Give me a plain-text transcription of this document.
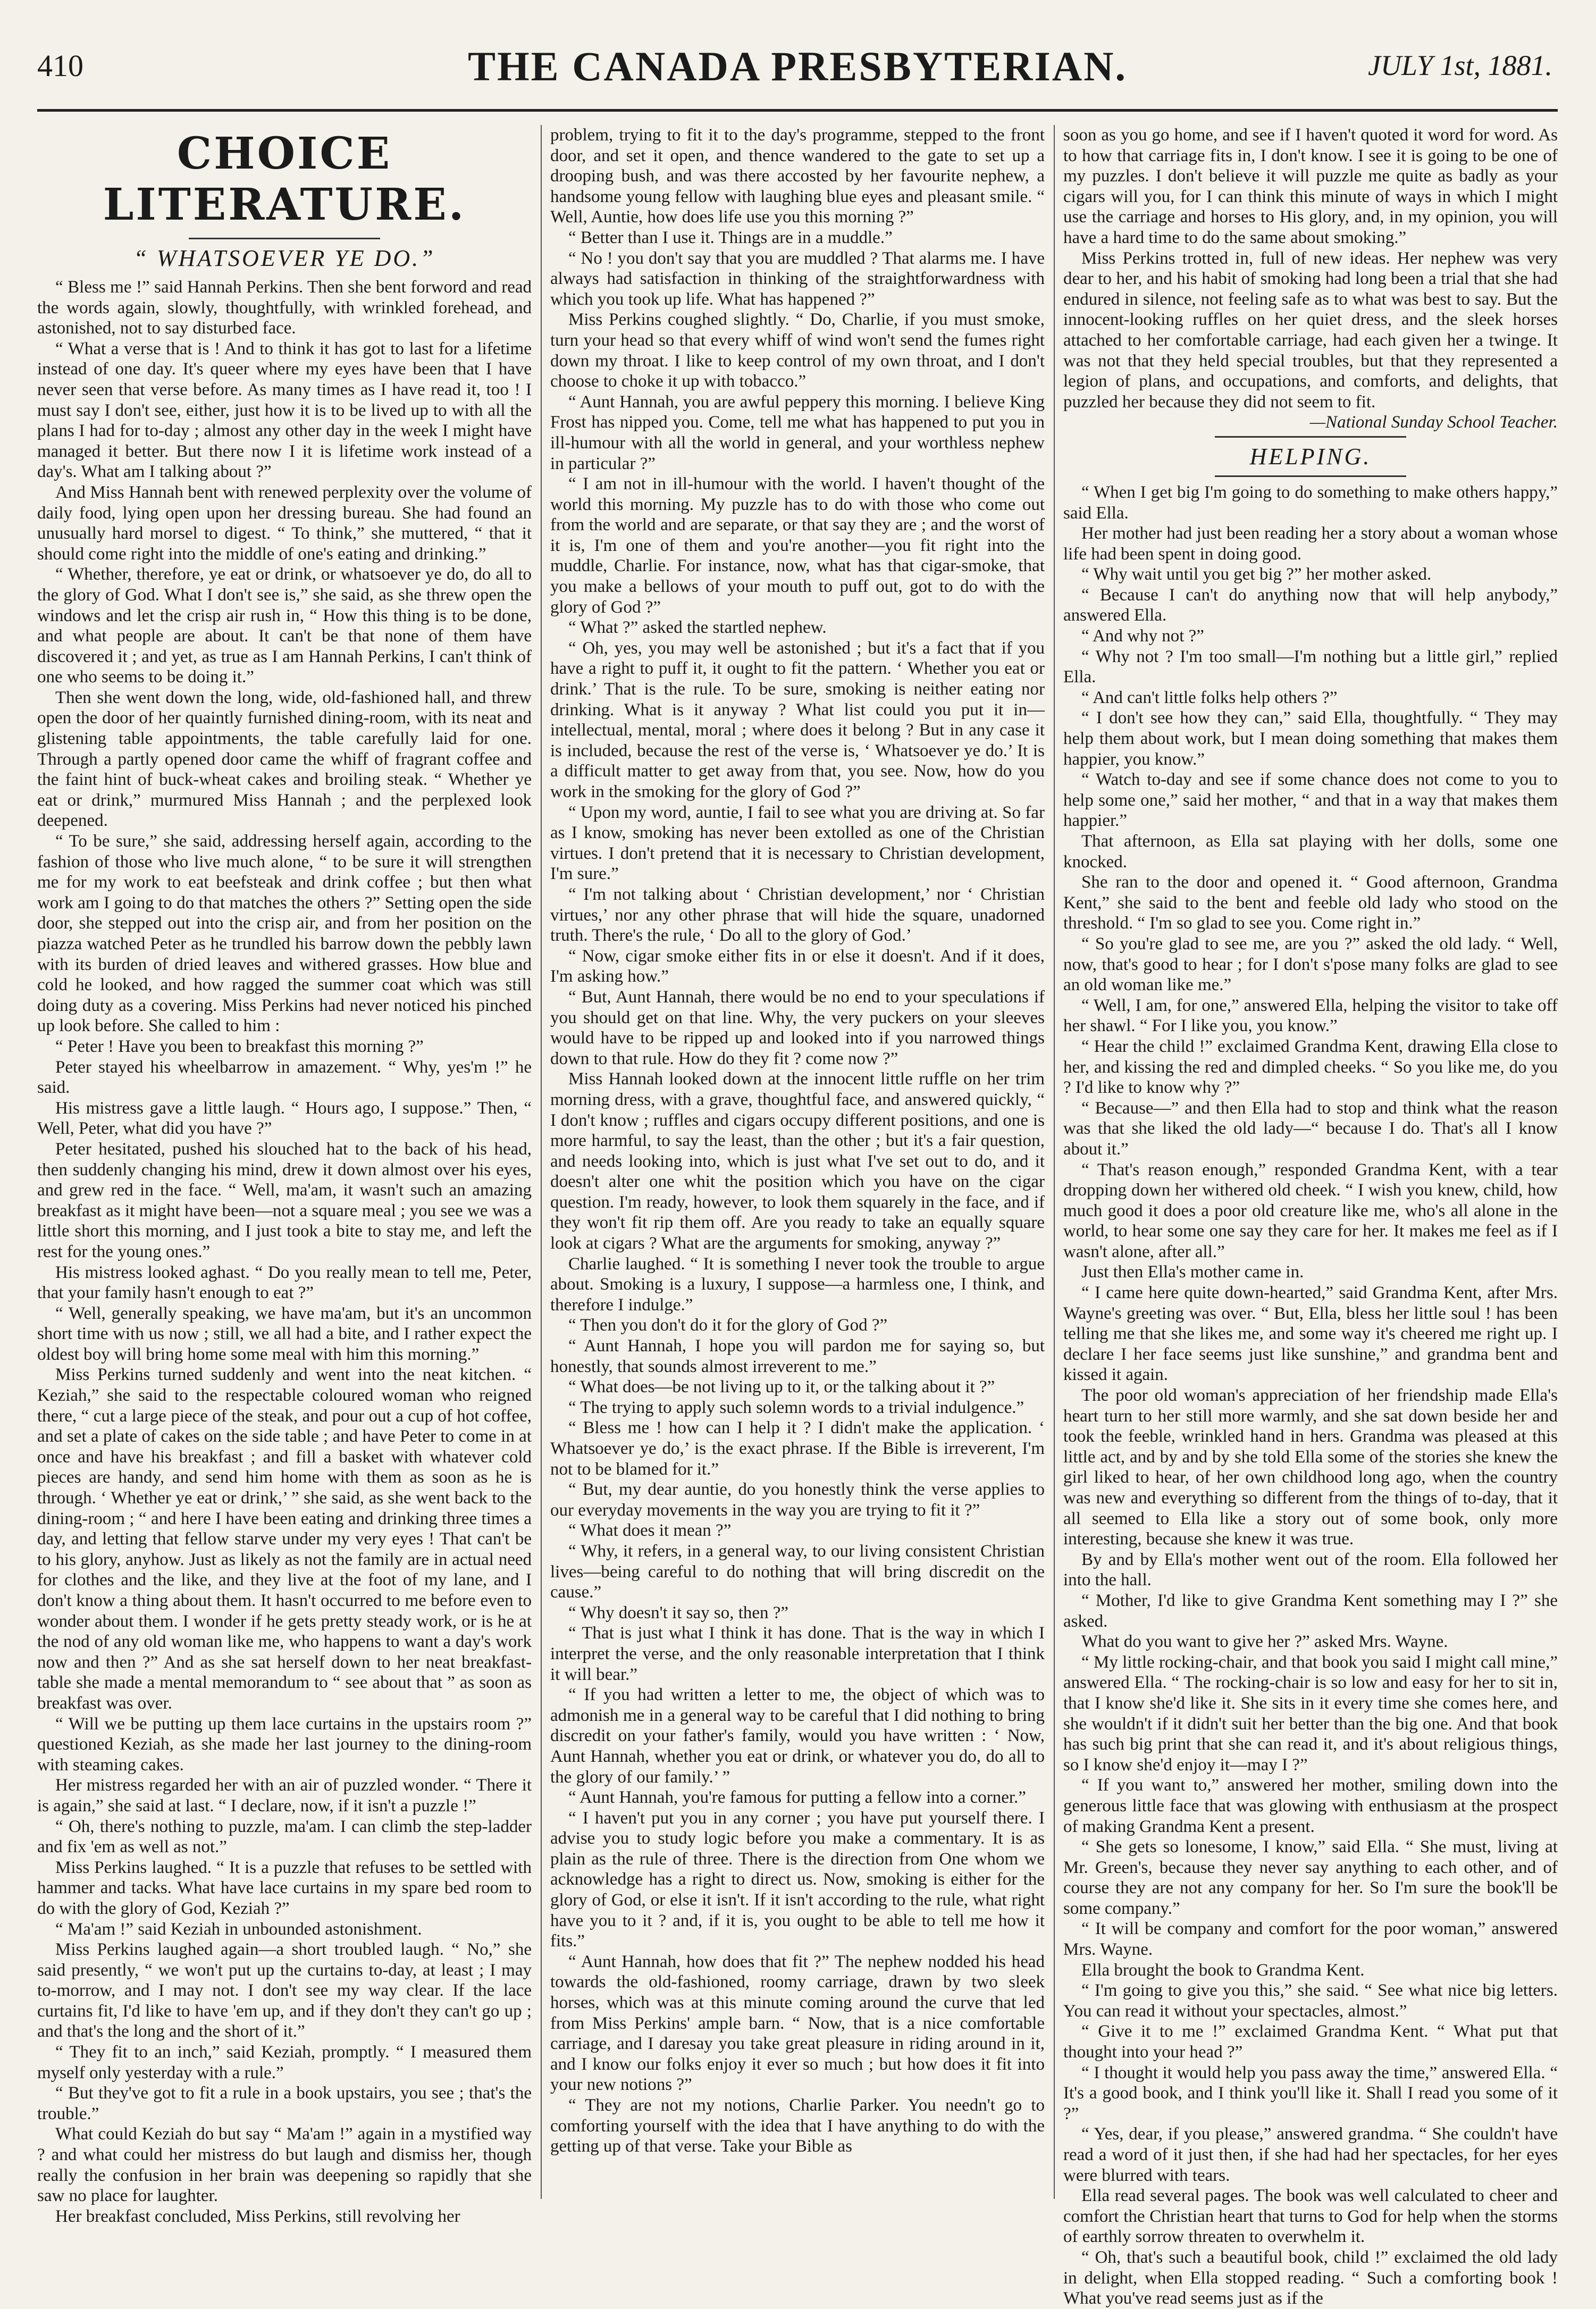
410	THE CANADA PRESBYTERIAN.	JULY 1st, 1881.
CHOICE LITERATURE.
“ WHATSOEVER YE DO.”

“ Bless me !” said Hannah Perkins. Then she bent forword and read the words again, slowly, thoughtfully, with wrinkled forehead, and astonished, not to say disturbed face.

“ What a verse that is ! And to think it has got to last for a lifetime instead of one day. It's queer where my eyes have been that I have never seen that verse before. As many times as I have read it, too ! I must say I don't see, either, just how it is to be lived up to with all the plans I had for to-day ; almost any other day in the week I might have managed it better. But there now I it is lifetime work instead of a day's. What am I talking about ?”

And Miss Hannah bent with renewed perplexity over the volume of daily food, lying open upon her dressing bureau. She had found an unusually hard morsel to digest. “ To think,” she muttered, “ that it should come right into the middle of one's eating and drinking.”

“ Whether, therefore, ye eat or drink, or whatsoever ye do, do all to the glory of God. What I don't see is,” she said, as she threw open the windows and let the crisp air rush in, “ How this thing is to be done, and what people are about. It can't be that none of them have discovered it ; and yet, as true as I am Hannah Perkins, I can't think of one who seems to be doing it.”

Then she went down the long, wide, old-fashioned hall, and threw open the door of her quaintly furnished dining-room, with its neat and glistening table appointments, the table carefully laid for one. Through a partly opened door came the whiff of fragrant coffee and the faint hint of buck-wheat cakes and broiling steak. “ Whether ye eat or drink,” murmured Miss Hannah ; and the perplexed look deepened.

“ To be sure,” she said, addressing herself again, according to the fashion of those who live much alone, “ to be sure it will strengthen me for my work to eat beefsteak and drink coffee ; but then what work am I going to do that matches the others ?” Setting open the side door, she stepped out into the crisp air, and from her position on the piazza watched Peter as he trundled his barrow down the pebbly lawn with its burden of dried leaves and withered grasses. How blue and cold he looked, and how ragged the summer coat which was still doing duty as a covering. Miss Perkins had never noticed his pinched up look before. She called to him :

“ Peter ! Have you been to breakfast this morning ?”

Peter stayed his wheelbarrow in amazement. “ Why, yes'm !” he said.

His mistress gave a little laugh. “ Hours ago, I suppose.” Then, “ Well, Peter, what did you have ?”

Peter hesitated, pushed his slouched hat to the back of his head, then suddenly changing his mind, drew it down almost over his eyes, and grew red in the face. “ Well, ma'am, it wasn't such an amazing breakfast as it might have been—not a square meal ; you see we was a little short this morning, and I just took a bite to stay me, and left the rest for the young ones.”

His mistress looked aghast. “ Do you really mean to tell me, Peter, that your family hasn't enough to eat ?”

“ Well, generally speaking, we have ma'am, but it's an uncommon short time with us now ; still, we all had a bite, and I rather expect the oldest boy will bring home some meal with him this morning.”

Miss Perkins turned suddenly and went into the neat kitchen. “ Keziah,” she said to the respectable coloured woman who reigned there, “ cut a large piece of the steak, and pour out a cup of hot coffee, and set a plate of cakes on the side table ; and have Peter to come in at once and have his breakfast ; and fill a basket with whatever cold pieces are handy, and send him home with them as soon as he is through. ‘ Whether ye eat or drink,’ ” she said, as she went back to the dining-room ; “ and here I have been eating and drinking three times a day, and letting that fellow starve under my very eyes ! That can't be to his glory, anyhow. Just as likely as not the family are in actual need for clothes and the like, and they live at the foot of my lane, and I don't know a thing about them. It hasn't occurred to me before even to wonder about them. I wonder if he gets pretty steady work, or is he at the nod of any old woman like me, who happens to want a day's work now and then ?” And as she sat herself down to her neat breakfast-table she made a mental memorandum to “ see about that ” as soon as breakfast was over.

“ Will we be putting up them lace curtains in the upstairs room ?” questioned Keziah, as she made her last journey to the dining-room with steaming cakes.

Her mistress regarded her with an air of puzzled wonder. “ There it is again,” she said at last. “ I declare, now, if it isn't a puzzle !”

“ Oh, there's nothing to puzzle, ma'am. I can climb the step-ladder and fix 'em as well as not.”

Miss Perkins laughed. “ It is a puzzle that refuses to be settled with hammer and tacks. What have lace curtains in my spare bed room to do with the glory of God, Keziah ?”

“ Ma'am !” said Keziah in unbounded astonishment.

Miss Perkins laughed again—a short troubled laugh. “ No,” she said presently, “ we won't put up the curtains to-day, at least ; I may to-morrow, and I may not. I don't see my way clear. If the lace curtains fit, I'd like to have 'em up, and if they don't they can't go up ; and that's the long and the short of it.”

“ They fit to an inch,” said Keziah, promptly. “ I measured them myself only yesterday with a rule.”

“ But they've got to fit a rule in a book upstairs, you see ; that's the trouble.”

What could Keziah do but say “ Ma'am !” again in a mystified way ? and what could her mistress do but laugh and dismiss her, though really the confusion in her brain was deepening so rapidly that she saw no place for laughter.

Her breakfast concluded, Miss Perkins, still revolving her

problem, trying to fit it to the day's programme, stepped to the front door, and set it open, and thence wandered to the gate to set up a drooping bush, and was there accosted by her favourite nephew, a handsome young fellow with laughing blue eyes and pleasant smile. “ Well, Auntie, how does life use you this morning ?”

“ Better than I use it. Things are in a muddle.”

“ No ! you don't say that you are muddled ? That alarms me. I have always had satisfaction in thinking of the straightforwardness with which you took up life. What has happened ?”

Miss Perkins coughed slightly. “ Do, Charlie, if you must smoke, turn your head so that every whiff of wind won't send the fumes right down my throat. I like to keep control of my own throat, and I don't choose to choke it up with tobacco.”

“ Aunt Hannah, you are awful peppery this morning. I believe King Frost has nipped you. Come, tell me what has happened to put you in ill-humour with all the world in general, and your worthless nephew in particular ?”

“ I am not in ill-humour with the world. I haven't thought of the world this morning. My puzzle has to do with those who come out from the world and are separate, or that say they are ; and the worst of it is, I'm one of them and you're another—you fit right into the muddle, Charlie. For instance, now, what has that cigar-smoke, that you make a bellows of your mouth to puff out, got to do with the glory of God ?”

“ What ?” asked the startled nephew.

“ Oh, yes, you may well be astonished ; but it's a fact that if you have a right to puff it, it ought to fit the pattern. ‘ Whether you eat or drink.’ That is the rule. To be sure, smoking is neither eating nor drinking. What is it anyway ? What list could you put it in—intellectual, mental, moral ; where does it belong ? But in any case it is included, because the rest of the verse is, ‘ Whatsoever ye do.’ It is a difficult matter to get away from that, you see. Now, how do you work in the smoking for the glory of God ?”

“ Upon my word, auntie, I fail to see what you are driving at. So far as I know, smoking has never been extolled as one of the Christian virtues. I don't pretend that it is necessary to Christian development, I'm sure.”

“ I'm not talking about ‘ Christian development,’ nor ‘ Christian virtues,’ nor any other phrase that will hide the square, unadorned truth. There's the rule, ‘ Do all to the glory of God.’

“ Now, cigar smoke either fits in or else it doesn't. And if it does, I'm asking how.”

“ But, Aunt Hannah, there would be no end to your speculations if you should get on that line. Why, the very puckers on your sleeves would have to be ripped up and looked into if you narrowed things down to that rule. How do they fit ? come now ?”

Miss Hannah looked down at the innocent little ruffle on her trim morning dress, with a grave, thoughtful face, and answered quickly, “ I don't know ; ruffles and cigars occupy different positions, and one is more harmful, to say the least, than the other ; but it's a fair question, and needs looking into, which is just what I've set out to do, and it doesn't alter one whit the position which you have on the cigar question. I'm ready, however, to look them squarely in the face, and if they won't fit rip them off. Are you ready to take an equally square look at cigars ? What are the arguments for smoking, anyway ?”

Charlie laughed. “ It is something I never took the trouble to argue about. Smoking is a luxury, I suppose—a harmless one, I think, and therefore I indulge.”

“ Then you don't do it for the glory of God ?”

“ Aunt Hannah, I hope you will pardon me for saying so, but honestly, that sounds almost irreverent to me.”

“ What does—be not living up to it, or the talking about it ?”

“ The trying to apply such solemn words to a trivial indulgence.”

“ Bless me ! how can I help it ? I didn't make the application. ‘ Whatsoever ye do,’ is the exact phrase. If the Bible is irreverent, I'm not to be blamed for it.”

“ But, my dear auntie, do you honestly think the verse applies to our everyday movements in the way you are trying to fit it ?”

“ What does it mean ?”

“ Why, it refers, in a general way, to our living consistent Christian lives—being careful to do nothing that will bring discredit on the cause.”

“ Why doesn't it say so, then ?”

“ That is just what I think it has done. That is the way in which I interpret the verse, and the only reasonable interpretation that I think it will bear.”

“ If you had written a letter to me, the object of which was to admonish me in a general way to be careful that I did nothing to bring discredit on your father's family, would you have written : ‘ Now, Aunt Hannah, whether you eat or drink, or whatever you do, do all to the glory of our family.’ ”

“ Aunt Hannah, you're famous for putting a fellow into a corner.”

“ I haven't put you in any corner ; you have put yourself there. I advise you to study logic before you make a commentary. It is as plain as the rule of three. There is the direction from One whom we acknowledge has a right to direct us. Now, smoking is either for the glory of God, or else it isn't. If it isn't according to the rule, what right have you to it ? and, if it is, you ought to be able to tell me how it fits.”

“ Aunt Hannah, how does that fit ?” The nephew nodded his head towards the old-fashioned, roomy carriage, drawn by two sleek horses, which was at this minute coming around the curve that led from Miss Perkins' ample barn. “ Now, that is a nice comfortable carriage, and I daresay you take great pleasure in riding around in it, and I know our folks enjoy it ever so much ; but how does it fit into your new notions ?”

“ They are not my notions, Charlie Parker. You needn't go to comforting yourself with the idea that I have anything to do with the getting up of that verse. Take your Bible as

soon as you go home, and see if I haven't quoted it word for word. As to how that carriage fits in, I don't know. I see it is going to be one of my puzzles. I don't believe it will puzzle me quite as badly as your cigars will you, for I can think this minute of ways in which I might use the carriage and horses to His glory, and, in my opinion, you will have a hard time to do the same about smoking.”

Miss Perkins trotted in, full of new ideas. Her nephew was very dear to her, and his habit of smoking had long been a trial that she had endured in silence, not feeling safe as to what was best to say. But the innocent-looking ruffles on her quiet dress, and the sleek horses attached to her comfortable carriage, had each given her a twinge. It was not that they held special troubles, but that they represented a legion of plans, and occupations, and comforts, and delights, that puzzled her because they did not seem to fit.

—National Sunday School Teacher.

HELPING.

“ When I get big I'm going to do something to make others happy,” said Ella.

Her mother had just been reading her a story about a woman whose life had been spent in doing good.

“ Why wait until you get big ?” her mother asked.

“ Because I can't do anything now that will help anybody,” answered Ella.

“ And why not ?”

“ Why not ? I'm too small—I'm nothing but a little girl,” replied Ella.

“ And can't little folks help others ?”

“ I don't see how they can,” said Ella, thoughtfully. “ They may help them about work, but I mean doing something that makes them happier, you know.”

“ Watch to-day and see if some chance does not come to you to help some one,” said her mother, “ and that in a way that makes them happier.”

That afternoon, as Ella sat playing with her dolls, some one knocked.

She ran to the door and opened it. “ Good afternoon, Grandma Kent,” she said to the bent and feeble old lady who stood on the threshold. “ I'm so glad to see you. Come right in.”

“ So you're glad to see me, are you ?” asked the old lady. “ Well, now, that's good to hear ; for I don't s'pose many folks are glad to see an old woman like me.”

“ Well, I am, for one,” answered Ella, helping the visitor to take off her shawl. “ For I like you, you know.”

“ Hear the child !” exclaimed Grandma Kent, drawing Ella close to her, and kissing the red and dimpled cheeks. “ So you like me, do you ? I'd like to know why ?”

“ Because—” and then Ella had to stop and think what the reason was that she liked the old lady—“ because I do. That's all I know about it.”

“ That's reason enough,” responded Grandma Kent, with a tear dropping down her withered old cheek. “ I wish you knew, child, how much good it does a poor old creature like me, who's all alone in the world, to hear some one say they care for her. It makes me feel as if I wasn't alone, after all.”

Just then Ella's mother came in.

“ I came here quite down-hearted,” said Grandma Kent, after Mrs. Wayne's greeting was over. “ But, Ella, bless her little soul ! has been telling me that she likes me, and some way it's cheered me right up. I declare I her face seems just like sunshine,” and grandma bent and kissed it again.

The poor old woman's appreciation of her friendship made Ella's heart turn to her still more warmly, and she sat down beside her and took the feeble, wrinkled hand in hers. Grandma was pleased at this little act, and by and by she told Ella some of the stories she knew the girl liked to hear, of her own childhood long ago, when the country was new and everything so different from the things of to-day, that it all seemed to Ella like a story out of some book, only more interesting, because she knew it was true.

By and by Ella's mother went out of the room. Ella followed her into the hall.

“ Mother, I'd like to give Grandma Kent something may I ?” she asked.

What do you want to give her ?” asked Mrs. Wayne.

“ My little rocking-chair, and that book you said I might call mine,” answered Ella. “ The rocking-chair is so low and easy for her to sit in, that I know she'd like it. She sits in it every time she comes here, and she wouldn't if it didn't suit her better than the big one. And that book has such big print that she can read it, and it's about religious things, so I know she'd enjoy it—may I ?”

“ If you want to,” answered her mother, smiling down into the generous little face that was glowing with enthusiasm at the prospect of making Grandma Kent a present.

“ She gets so lonesome, I know,” said Ella. “ She must, living at Mr. Green's, because they never say anything to each other, and of course they are not any company for her. So I'm sure the book'll be some company.”

“ It will be company and comfort for the poor woman,” answered Mrs. Wayne.

Ella brought the book to Grandma Kent.

“ I'm going to give you this,” she said. “ See what nice big letters. You can read it without your spectacles, almost.”

“ Give it to me !” exclaimed Grandma Kent. “ What put that thought into your head ?”

“ I thought it would help you pass away the time,” answered Ella. “ It's a good book, and I think you'll like it. Shall I read you some of it ?”

“ Yes, dear, if you please,” answered grandma. “ She couldn't have read a word of it just then, if she had had her spectacles, for her eyes were blurred with tears.

Ella read several pages. The book was well calculated to cheer and comfort the Christian heart that turns to God for help when the storms of earthly sorrow threaten to overwhelm it.

“ Oh, that's such a beautiful book, child !” exclaimed the old lady in delight, when Ella stopped reading. “ Such a comforting book ! What you've read seems just as if the
